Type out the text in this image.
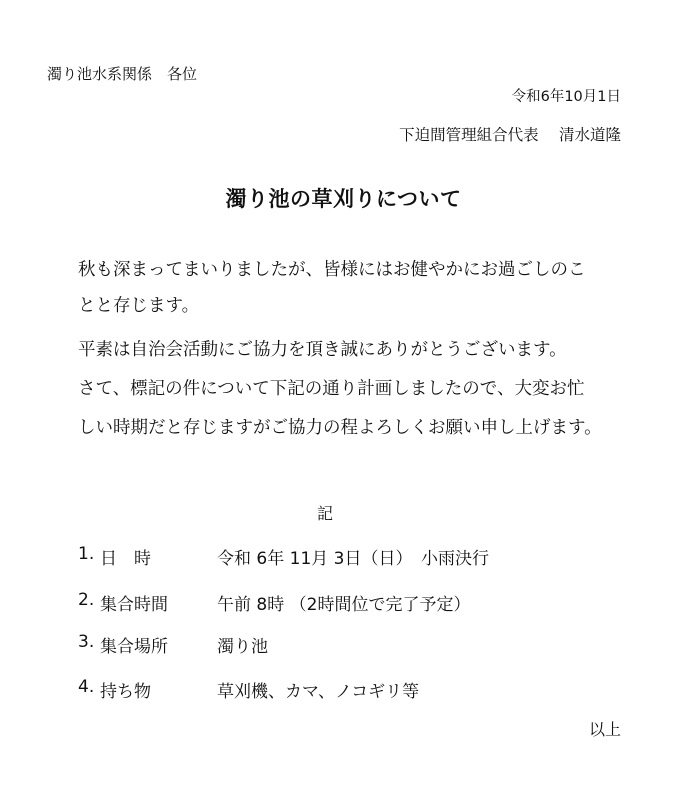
濁り池水系関係　各位
令和6年10月1日
下迫間管理組合代表　 清水道隆
濁り池の草刈りについて
秋も深まってまいりましたが、皆様にはお健やかにお過ごしのこ
とと存じます。
平素は自治会活動にご協力を頂き誠にありがとうございます。
さて、標記の件について下記の通り計画しましたので、大変お忙
しい時期だと存じますがご協力の程よろしくお願い申し上げます。
記
1. 日　時	令和 6年 11月 3日（日）　小雨決行
2. 集合時間	午前 8時 （2時間位で完了予定）
3. 集合場所	濁り池
4. 持ち物	草刈機、カマ、ノコギリ等
以上
